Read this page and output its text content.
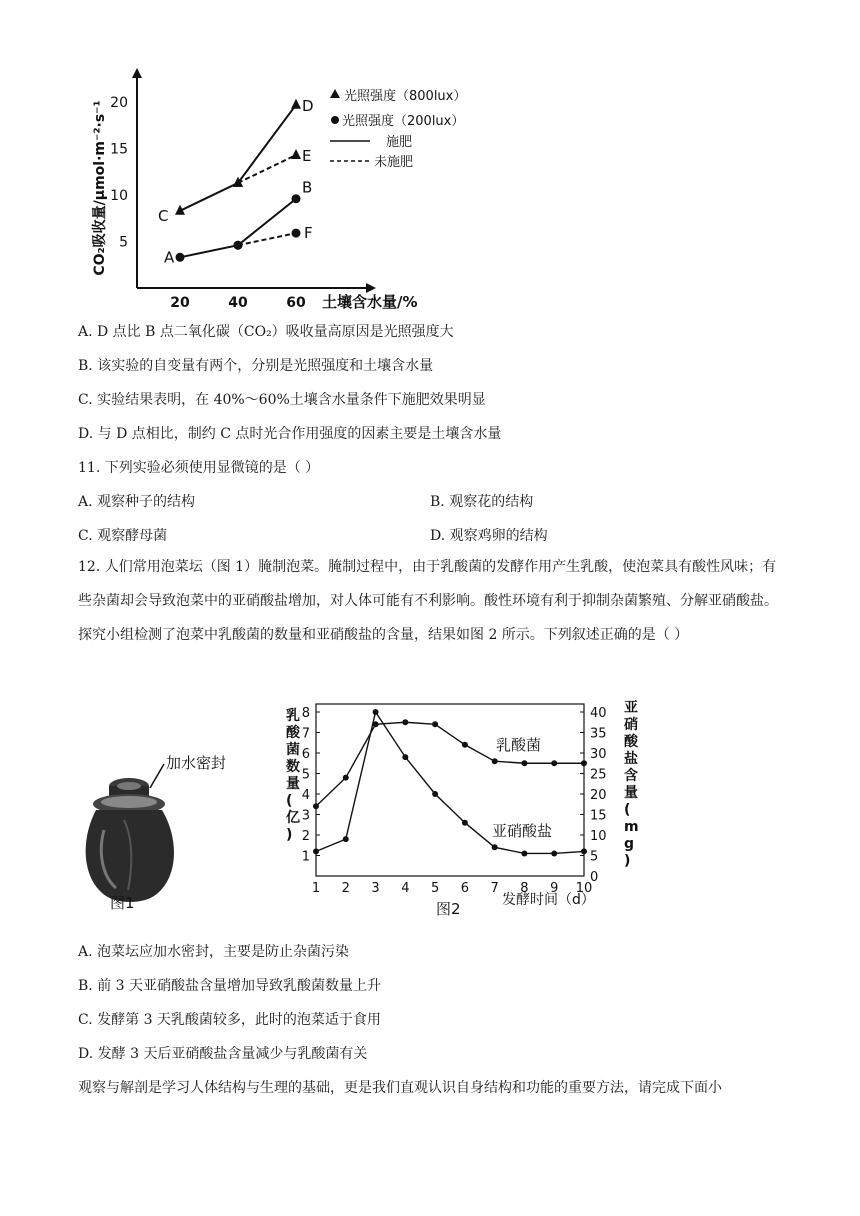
CO₂吸收量/μmol·m⁻²·s⁻¹ 5
10
15
20
20	40	60
A
B
C
D
E
F
土壤含水量/%
光照强度（800lux）
光照强度（200lux）
施肥
未施肥
A. D 点比 B 点二氧化碳（CO₂）吸收量高原因是光照强度大
B. 该实验的自变量有两个，分别是光照强度和土壤含水量
C. 实验结果表明，在 40%～60%土壤含水量条件下施肥效果明显
D. 与 D 点相比，制约 C 点时光合作用强度的因素主要是土壤含水量
11. 下列实验必须使用显微镜的是（ ）
A. 观察种子的结构	B. 观察花的结构
C. 观察酵母菌	D. 观察鸡卵的结构
12. 人们常用泡菜坛（图 1）腌制泡菜。腌制过程中，由于乳酸菌的发酵作用产生乳酸，使泡菜具有酸性风味；有些杂菌却会导致泡菜中的亚硝酸盐增加，对人体可能有不利影响。酸性环境有利于抑制杂菌繁殖、分解亚硝酸盐。探究小组检测了泡菜中乳酸菌的数量和亚硝酸盐的含量，结果如图 2 所示。下列叙述正确的是（ ）
加水密封
图1
乳酸菌数量(亿)
亚硝酸盐含量( m g )
1
2
3
4
5
6
7
8
0
5
10
15
20
25
30
35
40
1 2 3 4 5 6 7 8 9 10
乳酸菌
亚硝酸盐
图2	发酵时间（d）
A. 泡菜坛应加水密封，主要是防止杂菌污染
B. 前 3 天亚硝酸盐含量增加导致乳酸菌数量上升
C. 发酵第 3 天乳酸菌较多，此时的泡菜适于食用
D. 发酵 3 天后亚硝酸盐含量减少与乳酸菌有关
观察与解剖是学习人体结构与生理的基础，更是我们直观认识自身结构和功能的重要方法，请完成下面小
